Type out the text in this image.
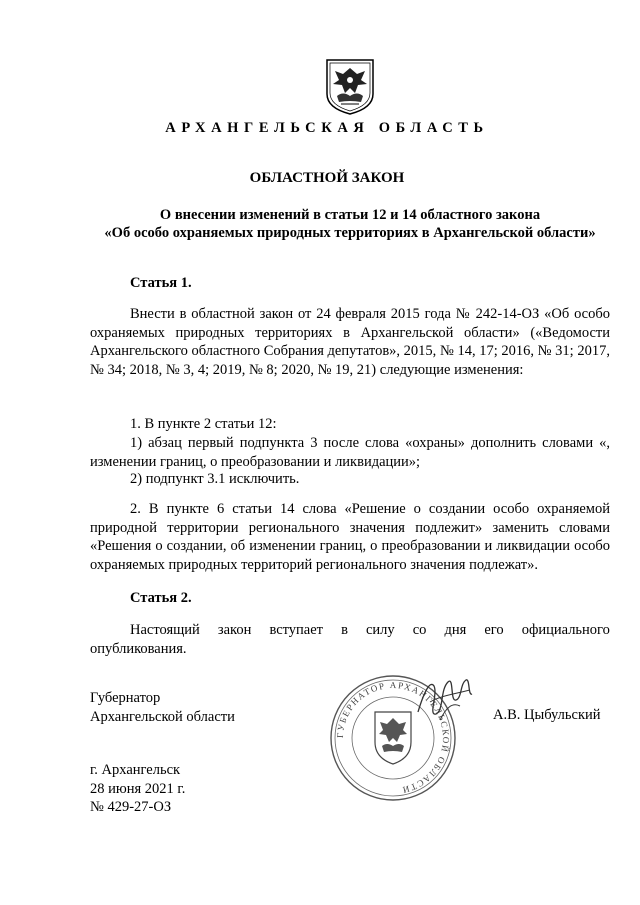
АРХАНГЕЛЬСКАЯ ОБЛАСТЬ
ОБЛАСТНОЙ ЗАКОН
О внесении изменений в статьи 12 и 14 областного закона
«Об особо охраняемых природных территориях в Архангельской области»
Статья 1.
Внести в областной закон от 24 февраля 2015 года № 242-14-ОЗ «Об особо охраняемых природных территориях в Архангельской области» («Ведомости Архангельского областного Собрания депутатов», 2015, № 14, 17; 2016, № 31; 2017, № 34; 2018, № 3, 4; 2019, № 8; 2020, № 19, 21) следующие изменения:
1. В пункте 2 статьи 12:
1) абзац первый подпункта 3 после слова «охраны» дополнить словами «, изменении границ, о преобразовании и ликвидации»;
2) подпункт 3.1 исключить.
2. В пункте 6 статьи 14 слова «Решение о создании особо охраняемой природной территории регионального значения подлежит» заменить словами «Решения о создании, об изменении границ, о преобразовании и ликвидации особо охраняемых природных территорий регионального значения подлежат».
Статья 2.
Настоящий закон вступает в силу со дня его официального
опубликования.
ГУБЕРНАТОР АРХАНГЕЛЬСКОЙ ОБЛАСТИ
Губернатор
Архангельской области	А.В. Цыбульский
г. Архангельск
28 июня 2021 г.
№ 429-27-ОЗ
